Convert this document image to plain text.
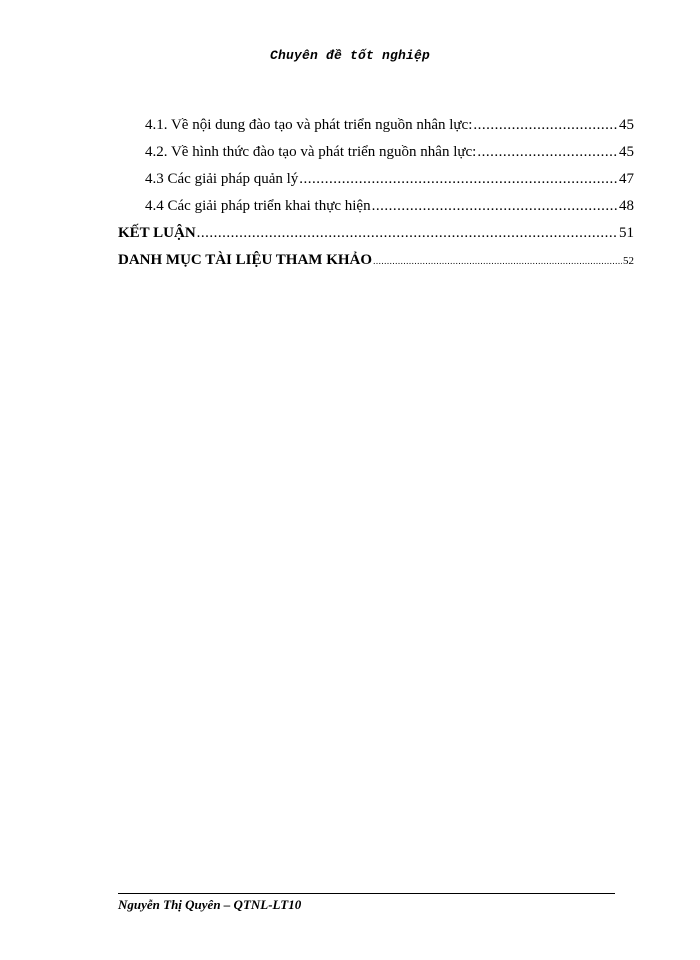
Chuyên đề tốt nghiệp
4.1. Về nội dung đào tạo và phát triển nguồn nhân lực: .....	45
4.2. Về hình thức đào tạo và phát triển nguồn nhân lực: .....	45
4.3 Các giải pháp quản lý .....	47
4.4 Các giải pháp triển khai thực hiện .....	48
KẾT LUẬN .....	51
DANH MỤC TÀI LIỆU THAM KHẢO .....	52
Nguyễn Thị Quyên – QTNL-LT10
